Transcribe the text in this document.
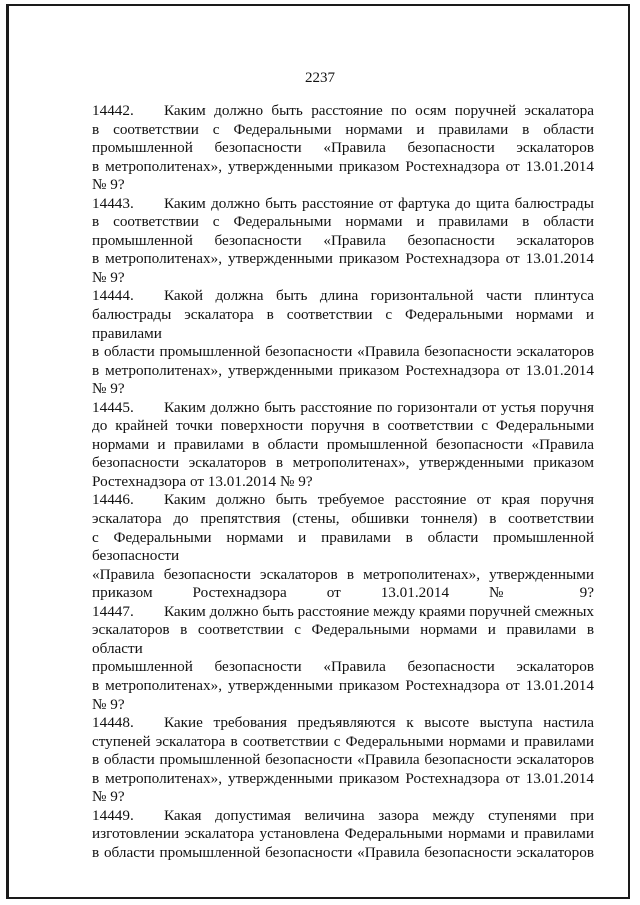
2237
14442. Каким должно быть расстояние по осям поручней эскалатора
в соответствии с Федеральными нормами и правилами в области
промышленной безопасности «Правила безопасности эскалаторов
в метрополитенах», утвержденными приказом Ростехнадзора от 13.01.2014
№ 9?
14443. Каким должно быть расстояние от фартука до щита балюстрады
в соответствии с Федеральными нормами и правилами в области
промышленной безопасности «Правила безопасности эскалаторов
в метрополитенах», утвержденными приказом Ростехнадзора от 13.01.2014
№ 9?
14444. Какой должна быть длина горизонтальной части плинтуса
балюстрады эскалатора в соответствии с Федеральными нормами и правилами
в области промышленной безопасности «Правила безопасности эскалаторов
в метрополитенах», утвержденными приказом Ростехнадзора от 13.01.2014
№ 9?
14445. Каким должно быть расстояние по горизонтали от устья поручня
до крайней точки поверхности поручня в соответствии с Федеральными
нормами и правилами в области промышленной безопасности «Правила
безопасности эскалаторов в метрополитенах», утвержденными приказом
Ростехнадзора от 13.01.2014 № 9?
14446. Каким должно быть требуемое расстояние от края поручня
эскалатора до препятствия (стены, обшивки тоннеля) в соответствии
с Федеральными нормами и правилами в области промышленной безопасности
«Правила безопасности эскалаторов в метрополитенах», утвержденными
приказом Ростехнадзора от 13.01.2014 № 9?
14447. Каким должно быть расстояние между краями поручней смежных
эскалаторов в соответствии с Федеральными нормами и правилами в области
промышленной безопасности «Правила безопасности эскалаторов
в метрополитенах», утвержденными приказом Ростехнадзора от 13.01.2014
№ 9?
14448. Какие требования предъявляются к высоте выступа настила
ступеней эскалатора в соответствии с Федеральными нормами и правилами
в области промышленной безопасности «Правила безопасности эскалаторов
в метрополитенах», утвержденными приказом Ростехнадзора от 13.01.2014
№ 9?
14449. Какая допустимая величина зазора между ступенями при
изготовлении эскалатора установлена Федеральными нормами и правилами
в области промышленной безопасности «Правила безопасности эскалаторов
